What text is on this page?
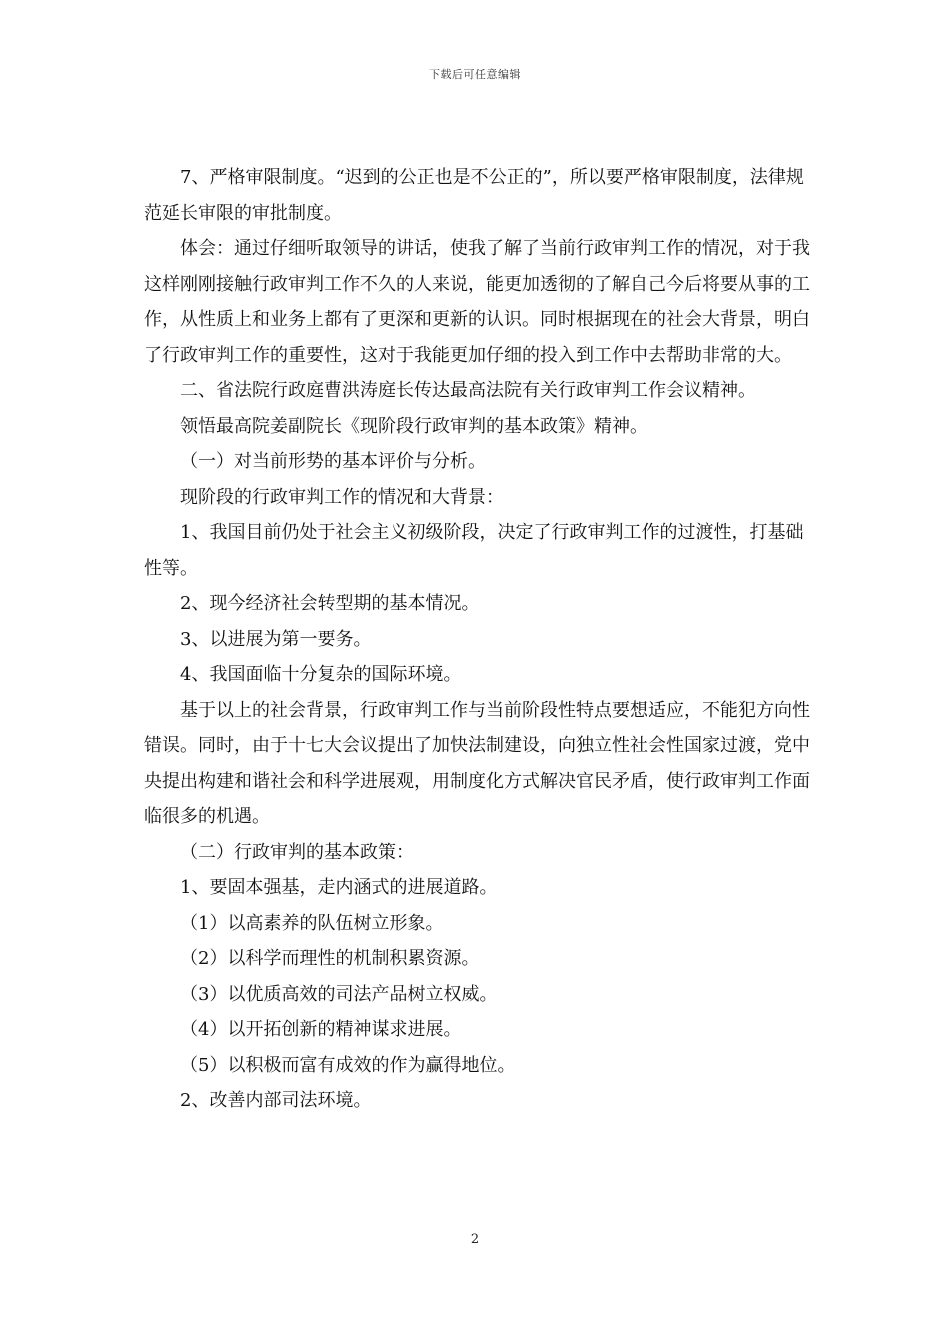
下载后可任意编辑

7、严格审限制度。“迟到的公正也是不公正的”，所以要严格审限制度，法律规范延长审限的审批制度。

体会：通过仔细听取领导的讲话，使我了解了当前行政审判工作的情况，对于我这样刚刚接触行政审判工作不久的人来说，能更加透彻的了解自己今后将要从事的工作，从性质上和业务上都有了更深和更新的认识。同时根据现在的社会大背景，明白了行政审判工作的重要性，这对于我能更加仔细的投入到工作中去帮助非常的大。

二、省法院行政庭曹洪涛庭长传达最高法院有关行政审判工作会议精神。

领悟最高院姜副院长《现阶段行政审判的基本政策》精神。

（一）对当前形势的基本评价与分析。

现阶段的行政审判工作的情况和大背景：

1、我国目前仍处于社会主义初级阶段，决定了行政审判工作的过渡性，打基础性等。

2、现今经济社会转型期的基本情况。

3、以进展为第一要务。

4、我国面临十分复杂的国际环境。

基于以上的社会背景，行政审判工作与当前阶段性特点要想适应，不能犯方向性错误。同时，由于十七大会议提出了加快法制建设，向独立性社会性国家过渡，党中央提出构建和谐社会和科学进展观，用制度化方式解决官民矛盾，使行政审判工作面临很多的机遇。

（二）行政审判的基本政策：

1、要固本强基，走内涵式的进展道路。

（1）以高素养的队伍树立形象。

（2）以科学而理性的机制积累资源。

（3）以优质高效的司法产品树立权威。

（4）以开拓创新的精神谋求进展。

（5）以积极而富有成效的作为赢得地位。

2、改善内部司法环境。

2
